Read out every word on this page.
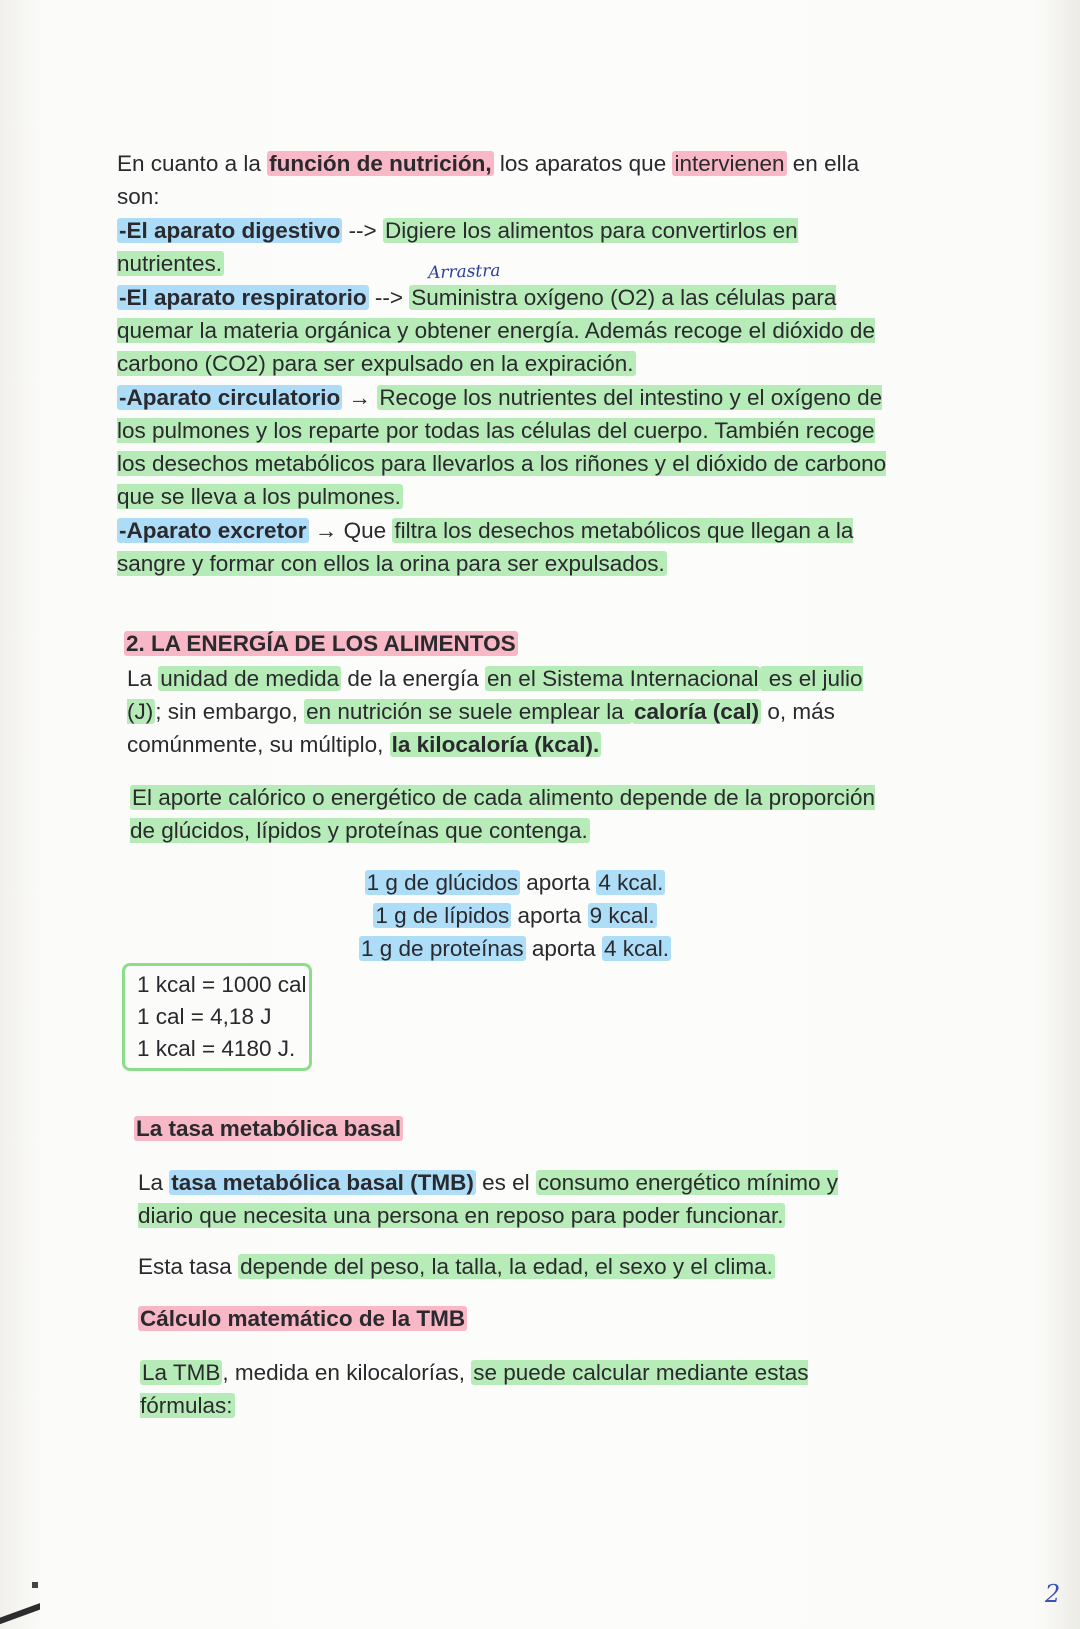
En cuanto a la función de nutrición, los aparatos que intervienen en ella son:
-El aparato digestivo --> Digiere los alimentos para convertirlos en nutrientes.	Arrastra
-El aparato respiratorio --> Suministra oxígeno (O2) a las células para quemar la materia orgánica y obtener energía. Además recoge el dióxido de carbono (CO2) para ser expulsado en la expiración.
-Aparato circulatorio → Recoge los nutrientes del intestino y el oxígeno de los pulmones y los reparte por todas las células del cuerpo. También recoge los desechos metabólicos para llevarlos a los riñones y el dióxido de carbono que se lleva a los pulmones.
-Aparato excretor → Que filtra los desechos metabólicos que llegan a la sangre y formar con ellos la orina para ser expulsados.
2. LA ENERGÍA DE LOS ALIMENTOS
La unidad de medida de la energía en el Sistema Internacional es el julio (J); sin embargo, en nutrición se suele emplear la caloría (cal) o, más comúnmente, su múltiplo, la kilocaloría (kcal).
El aporte calórico o energético de cada alimento depende de la proporción de glúcidos, lípidos y proteínas que contenga.
1 g de glúcidos aporta 4 kcal.
1 g de lípidos aporta 9 kcal.
1 g de proteínas aporta 4 kcal.
1 kcal = 1000 cal
1 cal = 4,18 J
1 kcal = 4180 J.
La tasa metabólica basal
La tasa metabólica basal (TMB) es el consumo energético mínimo y diario que necesita una persona en reposo para poder funcionar.
Esta tasa depende del peso, la talla, la edad, el sexo y el clima.
Cálculo matemático de la TMB
La TMB, medida en kilocalorías, se puede calcular mediante estas fórmulas:
2
